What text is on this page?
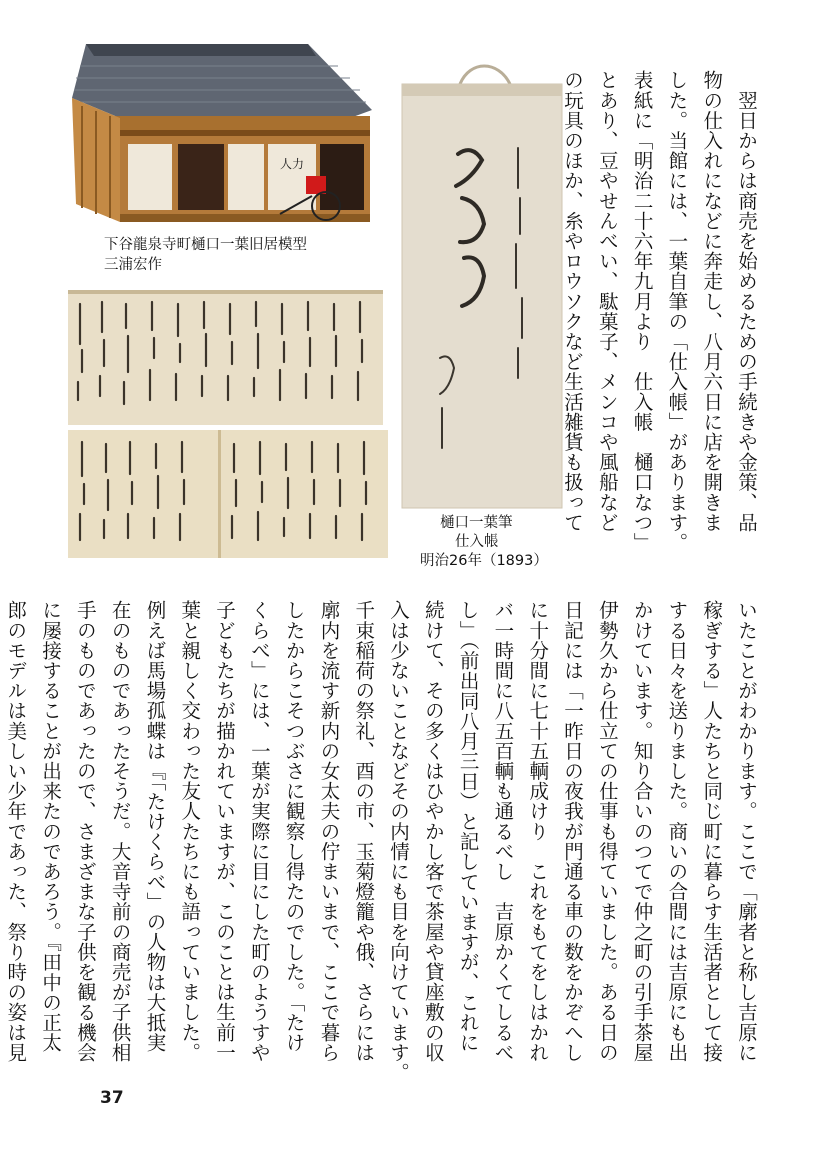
人力
下谷龍泉寺町樋口一葉旧居模型
三浦宏作
樋口一葉筆
仕入帳
明治26年（1893）
　翌日からは商売を始めるための手続きや金策、品
物の仕入れになどに奔走し、八月六日に店を開きま
した。当館には、一葉自筆の「仕入帳」があります。
表紙に「明治二十六年九月より　仕入帳　樋口なつ」
とあり、豆やせんべい、駄菓子、メンコや風船など
の玩具のほか、糸やロウソクなど生活雑貨も扱って
いたことがわかります。ここで「廓者と称し吉原に
稼ぎする」人たちと同じ町に暮らす生活者として接
する日々を送りました。商いの合間には吉原にも出
かけています。知り合いのつてで仲之町の引手茶屋
伊勢久から仕立ての仕事も得ていました。ある日の
日記には「一昨日の夜我が門通る車の数をかぞへし
に十分間に七十五輌成けり　これをもてをしはかれ
バ一時間に八五百輌も通るべし　吉原かくてしるべ
し」（前出同八月三日）と記していますが、これに
続けて、その多くはひやかし客で茶屋や貸座敷の収
入は少ないことなどその内情にも目を向けています。
千束稲荷の祭礼、酉の市、玉菊燈籠や俄、さらには
廓内を流す新内の女太夫の佇まいまで、ここで暮ら
したからこそつぶさに観察し得たのでした。「たけ
くらべ」には、一葉が実際に目にした町のようすや
子どもたちが描かれていますが、このことは生前一
葉と親しく交わった友人たちにも語っていました。
例えば馬場孤蝶は『「たけくらべ」の人物は大抵実
在のものであったそうだ。大音寺前の商売が子供相
手のものであったので、さまざまな子供を観る機会
に屡接することが出来たのであろう。『田中の正太
郎のモデルは美しい少年であった、祭り時の姿は見
37
